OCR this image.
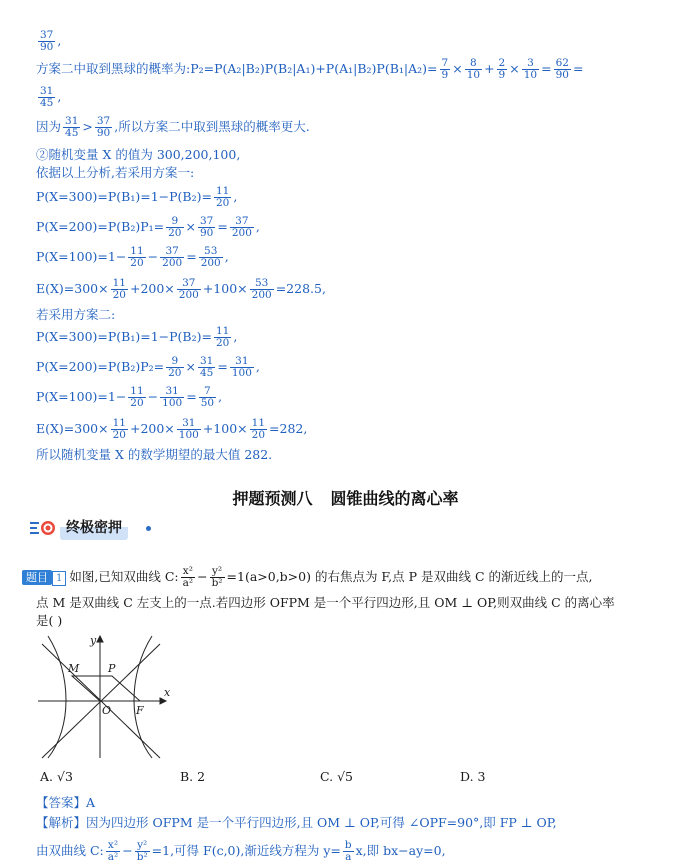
$\frac{37}{90}$ ,
方案二中取到黑球的概率为:P₂=P(A₂|B₂)P(B₂|A₁)+P(A₁|B₂)P(B₁|A₂)= $\frac{7}{9} \times \frac{8}{10} + \frac{2}{9} \times \frac{3}{10} = \frac{62}{90}$ =
$\frac{31}{45}$ ,
因为 $\frac{31}{45} > \frac{37}{90}$ ,所以方案二中取到黑球的概率更大.
②随机变量 X 的值为 300,200,100,
依据以上分析,若采用方案一:
$P(X=300)=P(B_1)=1-P(B_2)= \frac{11}{20}$ ,
$P(X=200)=P(B_2)P_1= \frac{9}{20} \times \frac{37}{90} = \frac{37}{200}$ ,
$P(X=100)=1- \frac{11}{20} - \frac{37}{200} = \frac{53}{200}$ ,
$E(X)=300\times \frac{11}{20} +200\times \frac{37}{200} +100\times \frac{53}{200} =228.5$,
若采用方案二:
$P(X=300)=P(B_1)=1-P(B_2)= \frac{11}{20}$ ,
$P(X=200)=P(B_2)P_2= \frac{9}{20} \times \frac{31}{45} = \frac{31}{100}$ ,
$P(X=100)=1- \frac{11}{20} - \frac{31}{100} = \frac{7}{50}$ ,
$E(X)=300\times \frac{11}{20} +200\times \frac{31}{100} +100\times \frac{11}{20} =282$,
所以随机变量 X 的数学期望的最大值 282.
押题预测八 圆锥曲线的离心率
终极密押
题目 1 如图,已知双曲线 C: $\frac{\text{x²}}{\text{a²}} - \frac{\text{y²}}{\text{b²}} =1(a>0,b>0)$ 的右焦点为 F,点 P 是双曲线 C 的渐近线上的一点,
点 M 是双曲线 C 左支上的一点.若四边形 OFPM 是一个平行四边形,且 OM ⊥ OP,则双曲线 C 的离心率
是( )
y
x
M	P
O F
A. √3	B. 2	C. √5	D. 3
【答案】A
【解析】因为四边形 OFPM 是一个平行四边形,且 OM ⊥ OP,可得 ∠OPF=90°,即 FP ⊥ OP,
由双曲线 C: $\frac{\text{x²}}{\text{a²}} - \frac{\text{y²}}{\text{b²}} =1$,可得 F(c,0),渐近线方程为 $y= \frac{b}{a} x$,即 bx−ay=0,
